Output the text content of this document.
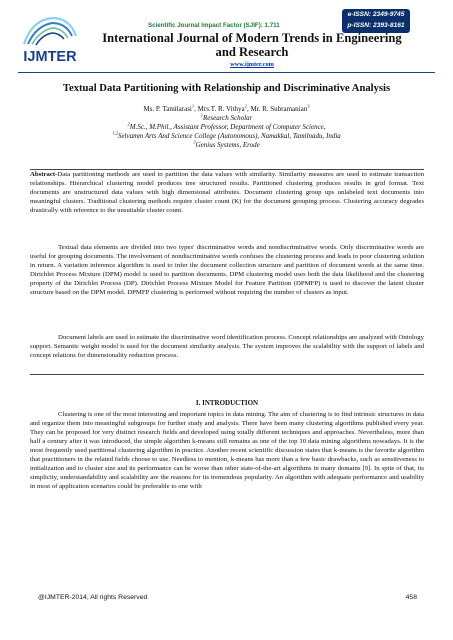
IJMTER
Scientific Journal Impact Factor (SJIF): 1.711
e-ISSN: 2349-9745
p-ISSN: 2393-8161
International Journal of Modern Trends in Engineering
and Research
www.ijmter.com
Textual Data Partitioning with Relationship and Discriminative Analysis
Ms. P. Tamilarasi$^1$, Mrs.T. R. Vithya$^2$, Mr. R. Subramanian$^3$
$^1$Research Scholar
$^2$M.Sc., M.Phil., Assistant Professor, Department of Computer Science,
$^{1,2}$Selvamm Arts And Science College (Autonomous), Namakkal, Tamilnadu, India
$^3$Genius Systems, Erode
Abstract-Data partitioning methods are used to partition the data values with similarity. Similarity measures are used to estimate transaction relationships. Hierarchical clustering model produces tree structured results. Partitioned clustering produces results in grid format. Text documents are unstructured data values with high dimensional attributes. Document clustering group ups unlabeled text documents into meaningful clusters. Traditional clustering methods require cluster count (K) for the document grouping process. Clustering accuracy degrades drastically with reference to the unsuitable cluster count.
Textual data elements are divided into two types' discriminative words and nondiscriminative words. Only discriminative words are useful for grouping documents. The involvement of nondiscriminative words confuses the clustering process and leads to poor clustering solution in return. A variation inference algorithm is used to infer the document collection structure and partition of document words at the same time. Dirichlet Process Mixture (DPM) model is used to partition documents. DPM clustering model uses both the data likelihood and the clustering property of the Dirichlet Process (DP). Dirichlet Process Mixture Model for Feature Partition (DPMFP) is used to discover the latent cluster structure based on the DPM model. DPMFP clustering is performed without requiring the number of clusters as input.
Document labels are used to estimate the discriminative word identification process. Concept relationships are analyzed with Ontology support. Semantic weight model is used for the document similarity analysis. The system improves the scalability with the support of labels and concept relations for dimensionality reduction process.
I. INTRODUCTION
Clustering is one of the most interesting and important topics in data mining. The aim of clustering is to find intrinsic structures in data and organize them into meaningful subgroups for further study and analysis. There have been many clustering algorithms published every year. They can be proposed for very distinct research fields and developed using totally different techniques and approaches. Nevertheless, more than half a century after it was introduced, the simple algorithm k-means still remains as one of the top 10 data mining algorithms nowadays. It is the most frequently used partitional clustering algorithm in practice. Another recent scientific discussion states that k-means is the favorite algorithm that practitioners in the related fields choose to use. Needless to mention, k-means has more than a few basic drawbacks, such as sensitiveness to initialization and to cluster size and its performance can be worse than other state-of-the-art algorithms in many domains [9]. In spite of that, its simplicity, understandability and scalability are the reasons for its tremendous popularity. An algorithm with adequate performance and usability in most of application scenarios could be preferable to one with
@IJMTER-2014, All rights Reserved	458
